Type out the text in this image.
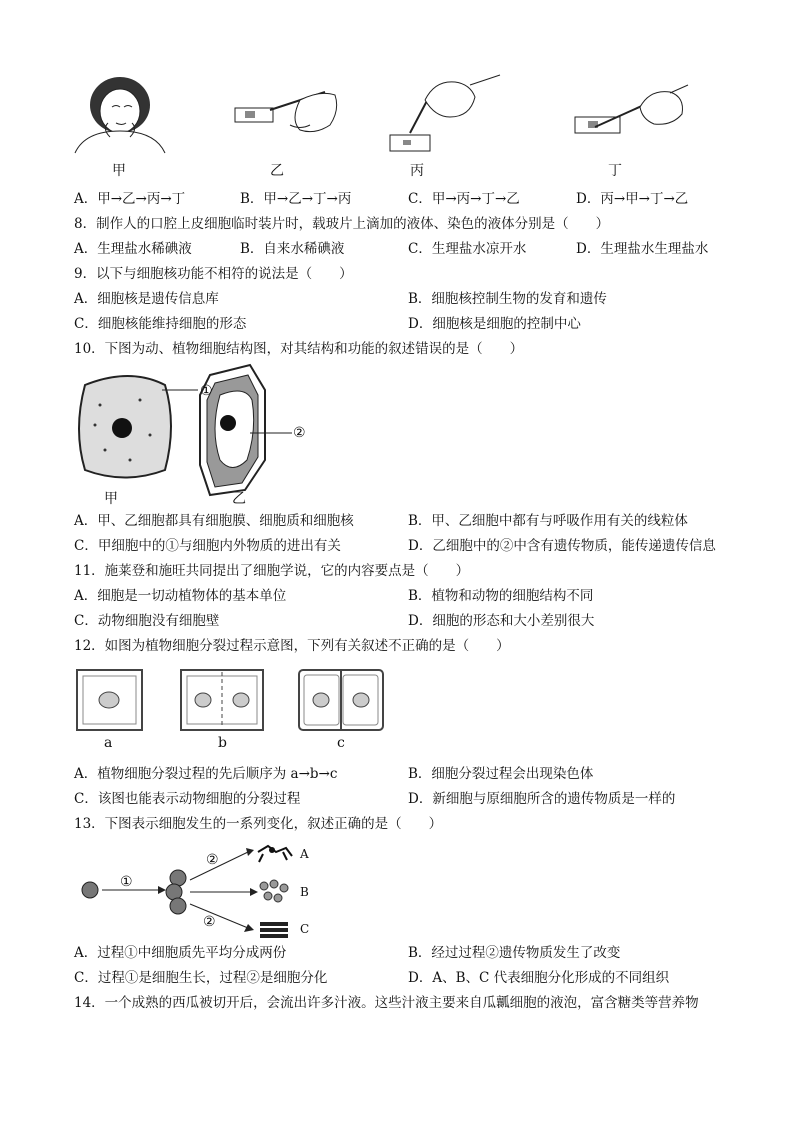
甲	乙	丙	丁
A．甲→乙→丙→丁	B．甲→乙→丁→丙	C．甲→丙→丁→乙	D．丙→甲→丁→乙
8．制作人的口腔上皮细胞临时装片时，载玻片上滴加的液体、染色的液体分别是（　　）
A．生理盐水稀碘液	B．自来水稀碘液	C．生理盐水凉开水	D．生理盐水生理盐水
9．以下与细胞核功能不相符的说法是（　　）
A．细胞核是遗传信息库	B．细胞核控制生物的发育和遗传
C．细胞核能维持细胞的形态	D．细胞核是细胞的控制中心
10．下图为动、植物细胞结构图，对其结构和功能的叙述错误的是（　　）
①
②
甲	乙
A．甲、乙细胞都具有细胞膜、细胞质和细胞核	B．甲、乙细胞中都有与呼吸作用有关的线粒体
C．甲细胞中的①与细胞内外物质的进出有关	D．乙细胞中的②中含有遗传物质，能传递遗传信息
11．施莱登和施旺共同提出了细胞学说，它的内容要点是（　　）
A．细胞是一切动植物体的基本单位	B．植物和动物的细胞结构不同
C．动物细胞没有细胞壁	D．细胞的形态和大小差别很大
12．如图为植物细胞分裂过程示意图，下列有关叙述不正确的是（　　）
a	b	c
A．植物细胞分裂过程的先后顺序为 a→b→c	B．细胞分裂过程会出现染色体
C．该图也能表示动物细胞的分裂过程	D．新细胞与原细胞所含的遗传物质是一样的
13．下图表示细胞发生的一系列变化，叙述正确的是（　　）
①
②
②
A
B
C
A．过程①中细胞质先平均分成两份	B．经过过程②遗传物质发生了改变
C．过程①是细胞生长，过程②是细胞分化	D．A、B、C 代表细胞分化形成的不同组织
14．一个成熟的西瓜被切开后，会流出许多汁液。这些汁液主要来自瓜瓤细胞的液泡，富含糖类等营养物
